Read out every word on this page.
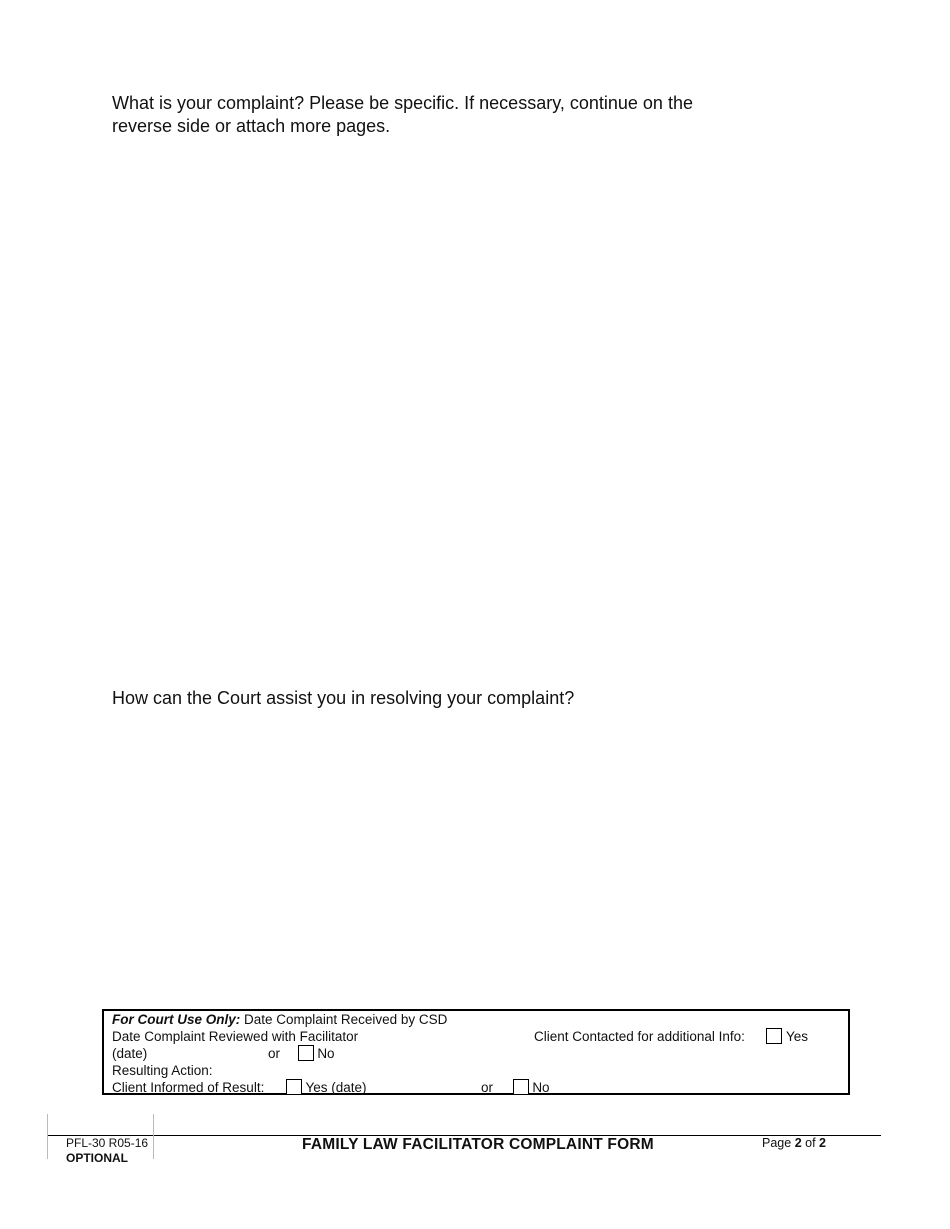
What is your complaint? Please be specific. If necessary, continue on the reverse side or attach more pages.
How can the Court assist you in resolving your complaint?
For Court Use Only: Date Complaint Received by CSD
Date Complaint Reviewed with Facilitator	Client Contacted for additional Info:	Yes
(date)	or	No
Resulting Action:
Client Informed of Result:	Yes (date)	or	No
PFL-30 R05-16
OPTIONAL
FAMILY LAW FACILITATOR COMPLAINT FORM	Page 2 of 2
